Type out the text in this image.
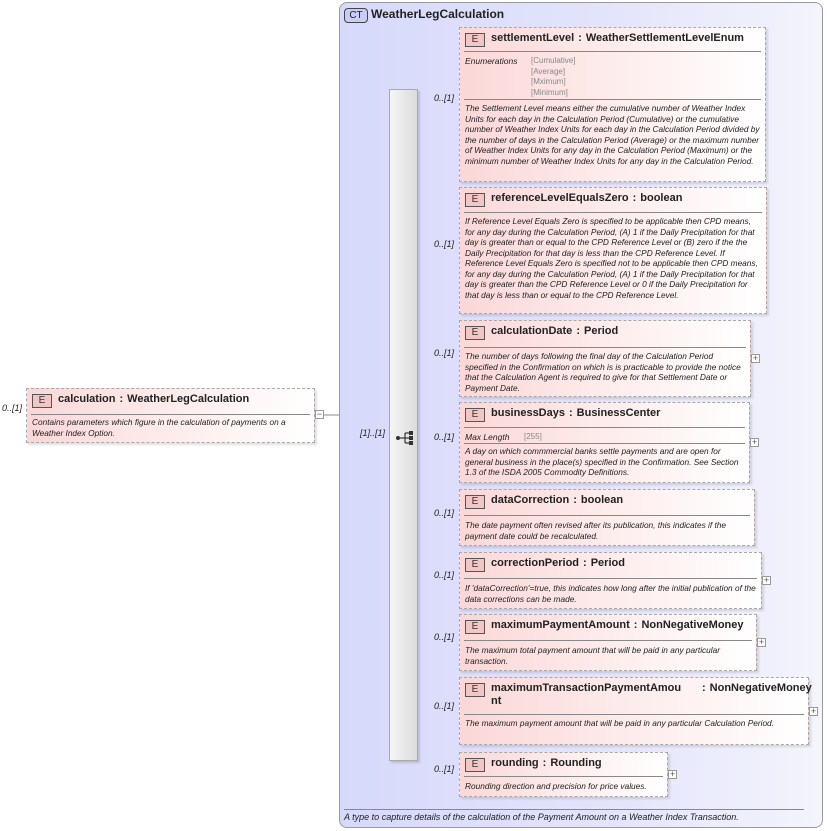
0..[1]
E	calculation : WeatherLegCalculation
Contains parameters which figure in the calculation of payments on a Weather Index Option.
−
CT WeatherLegCalculation
A type to capture details of the calculation of the Payment Amount on a Weather Index Transaction.
[1]..[1]
0..[1]
E	settlementLevel : WeatherSettlementLevelEnum
Enumerations [Cumulative]
[Average]
[Mximum]
[Minimum]
The Settlement Level means either the cumulative number of Weather Index Units for each day in the Calculation Period (Cumulative) or the cumulative number of Weather Index Units for each day in the Calculation Period divided by the number of days in the Calculation Period (Average) or the maximum number of Weather Index Units for any day in the Calculation Period (Maximum) or the minimum number of Weather Index Units for any day in the Calculation Period.
0..[1]
E	referenceLevelEqualsZero : boolean
If Reference Level Equals Zero is specified to be applicable then CPD means, for any day during the Calculation Period, (A) 1 if the Daily Precipitation for that day is greater than or equal to the CPD Reference Level or (B) zero if the the Daily Precipitation for that day is less than the CPD Reference Level. If Reference Level Equals Zero is specified not to be applicable then CPD means, for any day during the Calculation Period, (A) 1 if the Daily Precipitation for that day is greater than the CPD Reference Level or 0 if the Daily Precipitation for that day is less than or equal to the CPD Reference Level.
0..[1]
E	calculationDate : Period
The number of days following the final day of the Calculation Period specified in the Confirmation on which is is practicable to provide the notice that the Calculation Agent is required to give for that Settlement Date or Payment Date.
+
0..[1]
E	businessDays : BusinessCenter
Max Length [255]
A day on which commmercial banks settle payments and are open for general business in the place(s) specified in the Confirmation. See Section 1.3 of the ISDA 2005 Commodity Definitions.
+
0..[1]
E	dataCorrection : boolean
The date payment often revised after its publication, this indicates if the payment date could be recalculated.
0..[1]
E	correctionPeriod : Period
If 'dataCorrection'=true, this indicates how long after the initial publication of the data corrections can be made.
+
0..[1]
E	maximumPaymentAmount : NonNegativeMoney
The maximum total payment amount that will be paid in any particular transaction.
+
0..[1]
E	maximumTransactionPaymentAmou nt
: NonNegativeMoney
The maximum payment amount that will be paid in any particular Calculation Period.
+
0..[1]	E	rounding : Rounding
Rounding direction and precision for price values.
+
